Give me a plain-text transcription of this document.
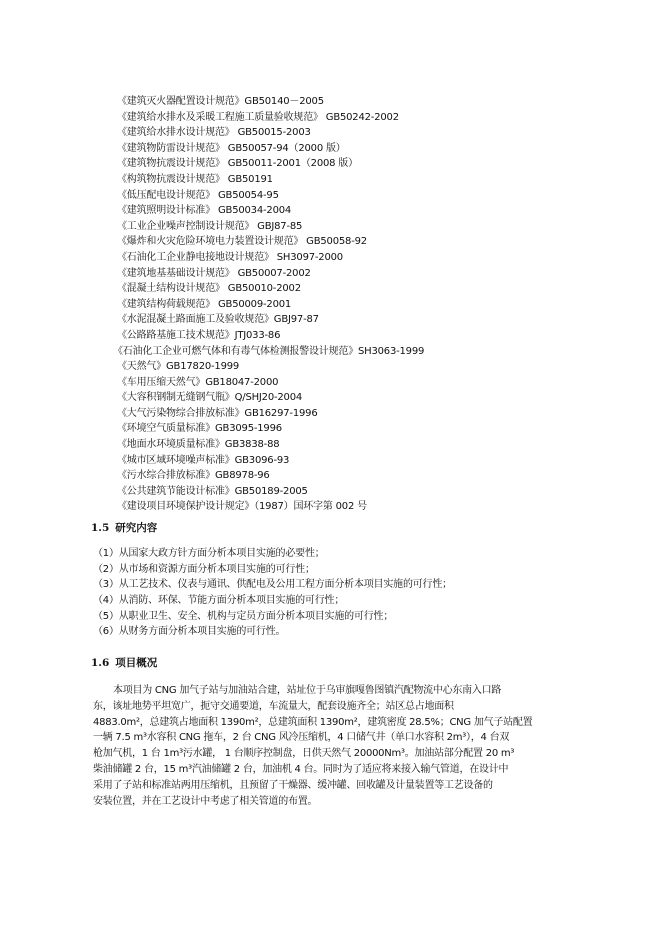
《建筑灭火器配置设计规范》GB50140－2005
《建筑给水排水及采暖工程施工质量验收规范》 GB50242-2002
《建筑给水排水设计规范》 GB50015-2003
《建筑物防雷设计规范》 GB50057-94（2000 版）
《建筑物抗震设计规范》 GB50011-2001（2008 版）
《构筑物抗震设计规范》 GB50191
《低压配电设计规范》 GB50054-95
《建筑照明设计标准》 GB50034-2004
《工业企业噪声控制设计规范》 GBJ87-85
《爆炸和火灾危险环境电力装置设计规范》 GB50058-92
《石油化工企业静电接地设计规范》 SH3097-2000
《建筑地基基础设计规范》 GB50007-2002
《混凝土结构设计规范》 GB50010-2002
《建筑结构荷载规范》 GB50009-2001
《水泥混凝土路面施工及验收规范》GBJ97-87
《公路路基施工技术规范》JTJ033-86
《石油化工企业可燃气体和有毒气体检测报警设计规范》SH3063-1999
《天然气》GB17820-1999
《车用压缩天然气》GB18047-2000
《大容积钢制无缝钢气瓶》Q/SHJ20-2004
《大气污染物综合排放标准》GB16297-1996
《环境空气质量标准》GB3095-1996
《地面水环境质量标准》GB3838-88
《城市区域环境噪声标准》GB3096-93
《污水综合排放标准》GB8978-96
《公共建筑节能设计标准》GB50189-2005
《建设项目环境保护设计规定》（1987）国环字第 002 号
1.5 研究内容
（1）从国家大政方针方面分析本项目实施的必要性；
（2）从市场和资源方面分析本项目实施的可行性；
（3）从工艺技术、仪表与通讯、供配电及公用工程方面分析本项目实施的可行性；
（4）从消防、环保、节能方面分析本项目实施的可行性；
（5）从职业卫生、安全、机构与定员方面分析本项目实施的可行性；
（6）从财务方面分析本项目实施的可行性。
1.6 项目概况
本项目为 CNG 加气子站与加油站合建，站址位于乌审旗嘎鲁图镇汽配物流中心东南入口路
东，该址地势平坦宽广，扼守交通要道，车流量大，配套设施齐全；站区总占地面积
4883.0m²，总建筑占地面积 1390m²，总建筑面积 1390m²，建筑密度 28.5%；CNG 加气子站配置
一辆 7.5 m³水容积 CNG 拖车，2 台 CNG 风冷压缩机，4 口储气井（单口水容积 2m³），4 台双
枪加气机，1 台 1m³污水罐， 1 台顺序控制盘，日供天然气 20000Nm³。加油站部分配置 20 m³
柴油储罐 2 台，15 m³汽油储罐 2 台，加油机 4 台。同时为了适应将来接入输气管道，在设计中
采用了子站和标准站两用压缩机，且预留了干燥器、缓冲罐、回收罐及计量装置等工艺设备的
安装位置，并在工艺设计中考虑了相关管道的布置。
